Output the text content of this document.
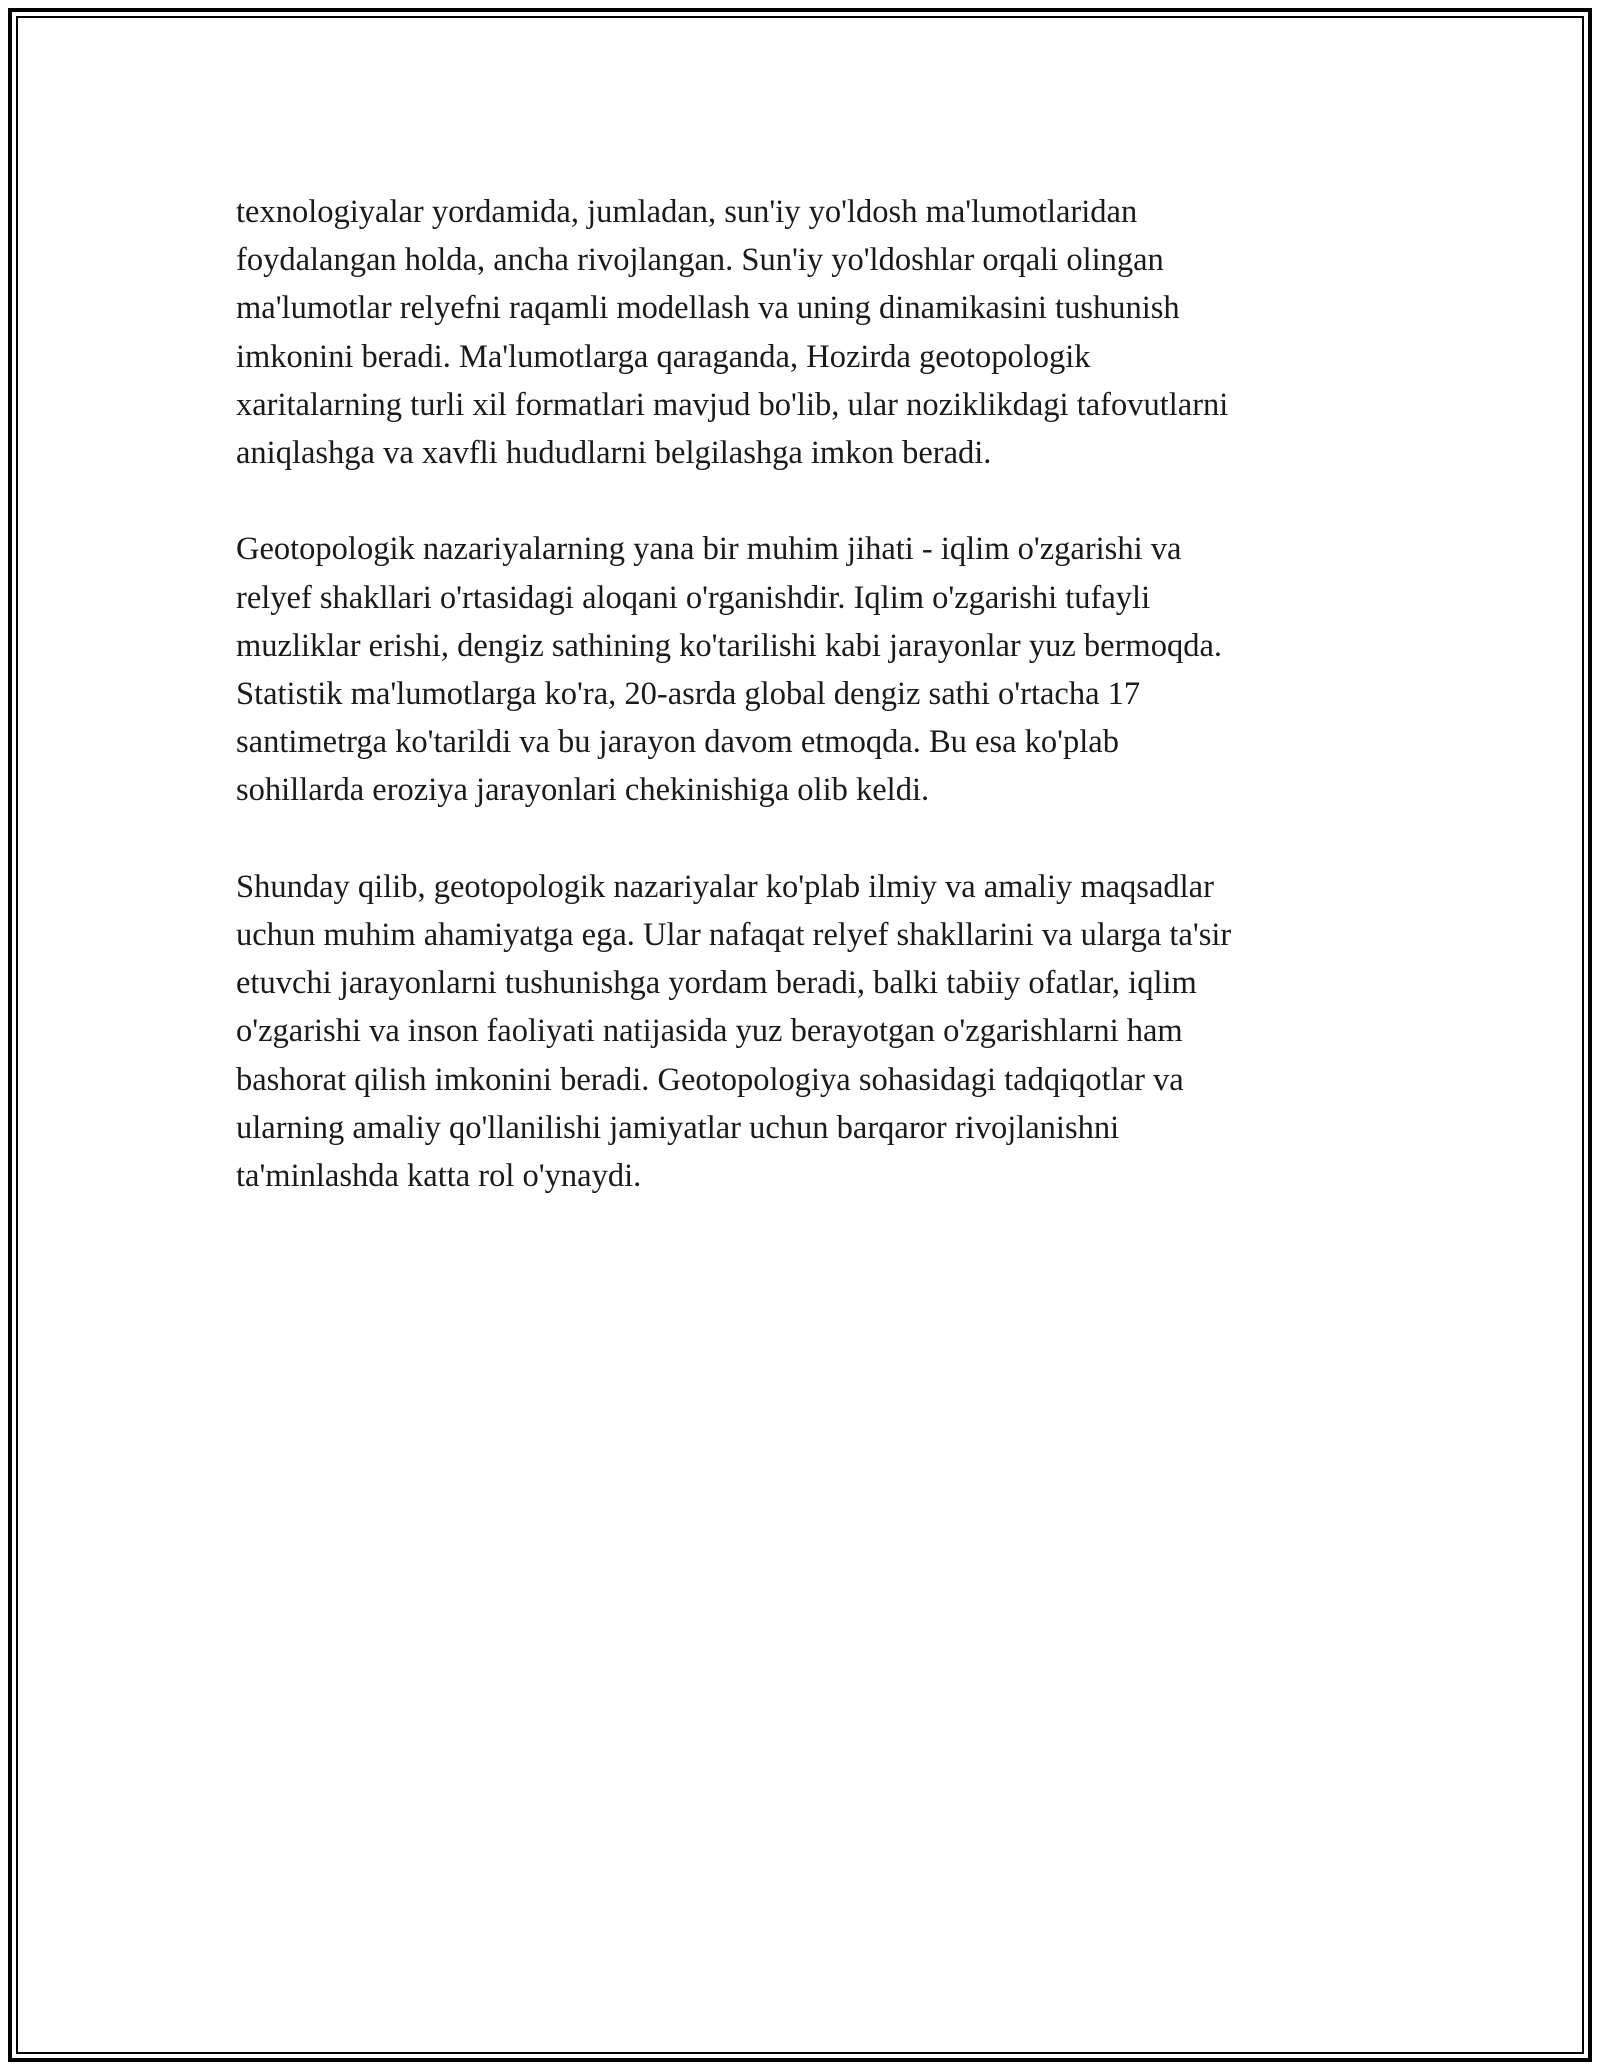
texnologiyalar yordamida, jumladan, sun'iy yo'ldosh ma'lumotlaridan
foydalangan holda, ancha rivojlangan. Sun'iy yo'ldoshlar orqali olingan
ma'lumotlar relyefni raqamli modellash va uning dinamikasini tushunish
imkonini beradi. Ma'lumotlarga qaraganda, Hozirda geotopologik
xaritalarning turli xil formatlari mavjud bo'lib, ular noziklikdagi tafovutlarni
aniqlashga va xavfli hududlarni belgilashga imkon beradi.

Geotopologik nazariyalarning yana bir muhim jihati - iqlim o'zgarishi va
relyef shakllari o'rtasidagi aloqani o'rganishdir. Iqlim o'zgarishi tufayli
muzliklar erishi, dengiz sathining ko'tarilishi kabi jarayonlar yuz bermoqda.
Statistik ma'lumotlarga ko'ra, 20-asrda global dengiz sathi o'rtacha 17
santimetrga ko'tarildi va bu jarayon davom etmoqda. Bu esa ko'plab
sohillarda eroziya jarayonlari chekinishiga olib keldi.

Shunday qilib, geotopologik nazariyalar ko'plab ilmiy va amaliy maqsadlar
uchun muhim ahamiyatga ega. Ular nafaqat relyef shakllarini va ularga ta'sir
etuvchi jarayonlarni tushunishga yordam beradi, balki tabiiy ofatlar, iqlim
o'zgarishi va inson faoliyati natijasida yuz berayotgan o'zgarishlarni ham
bashorat qilish imkonini beradi. Geotopologiya sohasidagi tadqiqotlar va
ularning amaliy qo'llanilishi jamiyatlar uchun barqaror rivojlanishni
ta'minlashda katta rol o'ynaydi.
